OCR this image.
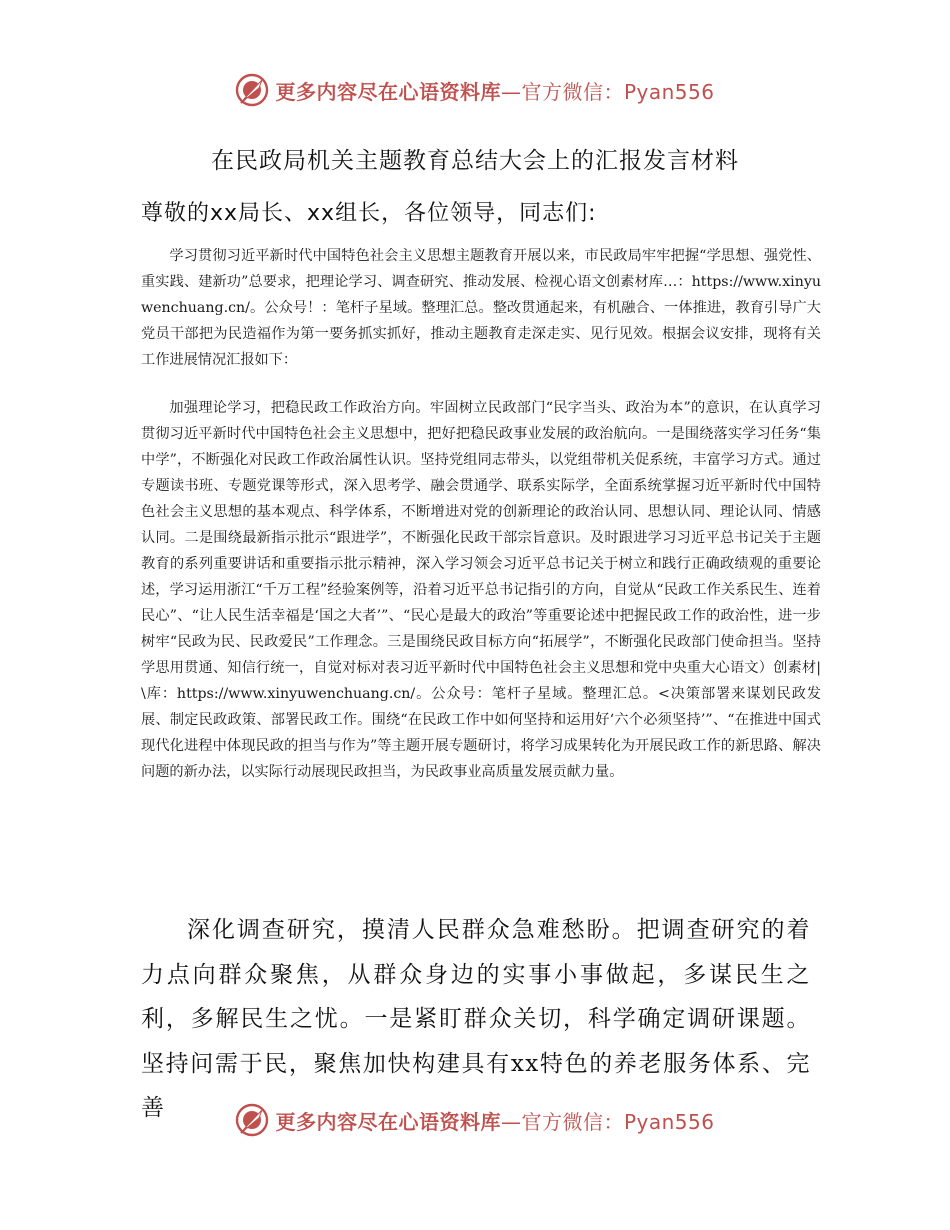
更多内容尽在心语资料库—官方微信：Pyan556
在民政局机关主题教育总结大会上的汇报发言材料
尊敬的xx局长、xx组长，各位领导，同志们:

学习贯彻习近平新时代中国特色社会主义思想主题教育开展以来，市民政局牢牢把握“学思想、强党性、重实践、建新功”总要求，把理论学习、调查研究、推动发展、检视心语文创素材库…：https://www.xinyuwenchuang.cn/。公众号！：笔杆子星域。整理汇总。整改贯通起来，有机融合、一体推进，教育引导广大党员干部把为民造福作为第一要务抓实抓好，推动主题教育走深走实、见行见效。根据会议安排，现将有关工作进展情况汇报如下：

加强理论学习，把稳民政工作政治方向。牢固树立民政部门“民字当头、政治为本”的意识，在认真学习贯彻习近平新时代中国特色社会主义思想中，把好把稳民政事业发展的政治航向。一是围绕落实学习任务“集中学”，不断强化对民政工作政治属性认识。坚持党组同志带头，以党组带机关促系统，丰富学习方式。通过专题读书班、专题党课等形式，深入思考学、融会贯通学、联系实际学，全面系统掌握习近平新时代中国特色社会主义思想的基本观点、科学体系，不断增进对党的创新理论的政治认同、思想认同、理论认同、情感认同。二是围绕最新指示批示“跟进学”，不断强化民政干部宗旨意识。及时跟进学习习近平总书记关于主题教育的系列重要讲话和重要指示批示精神，深入学习领会习近平总书记关于树立和践行正确政绩观的重要论述，学习运用浙江“千万工程”经验案例等，沿着习近平总书记指引的方向，自觉从“民政工作关系民生、连着民心”、“让人民生活幸福是‘国之大者’”、“民心是最大的政治”等重要论述中把握民政工作的政治性，进一步树牢“民政为民、民政爱民”工作理念。三是围绕民政目标方向“拓展学”，不断强化民政部门使命担当。坚持学思用贯通、知信行统一，自觉对标对表习近平新时代中国特色社会主义思想和党中央重大心语文）创素材|\库：https://www.xinyuwenchuang.cn/。公众号：笔杆子星域。整理汇总。<决策部署来谋划民政发展、制定民政政策、部署民政工作。围绕“在民政工作中如何坚持和运用好‘六个必须坚持’”、“在推进中国式现代化进程中体现民政的担当与作为”等主题开展专题研讨，将学习成果转化为开展民政工作的新思路、解决问题的新办法，以实际行动展现民政担当，为民政事业高质量发展贡献力量。

深化调查研究，摸清人民群众急难愁盼。把调查研究的着力点向群众聚焦，从群众身边的实事小事做起，多谋民生之利，多解民生之忧。一是紧盯群众关切，科学确定调研课题。坚持问需于民，聚焦加快构建具有xx特色的养老服务体系、完善

更多内容尽在心语资料库—官方微信：Pyan556
